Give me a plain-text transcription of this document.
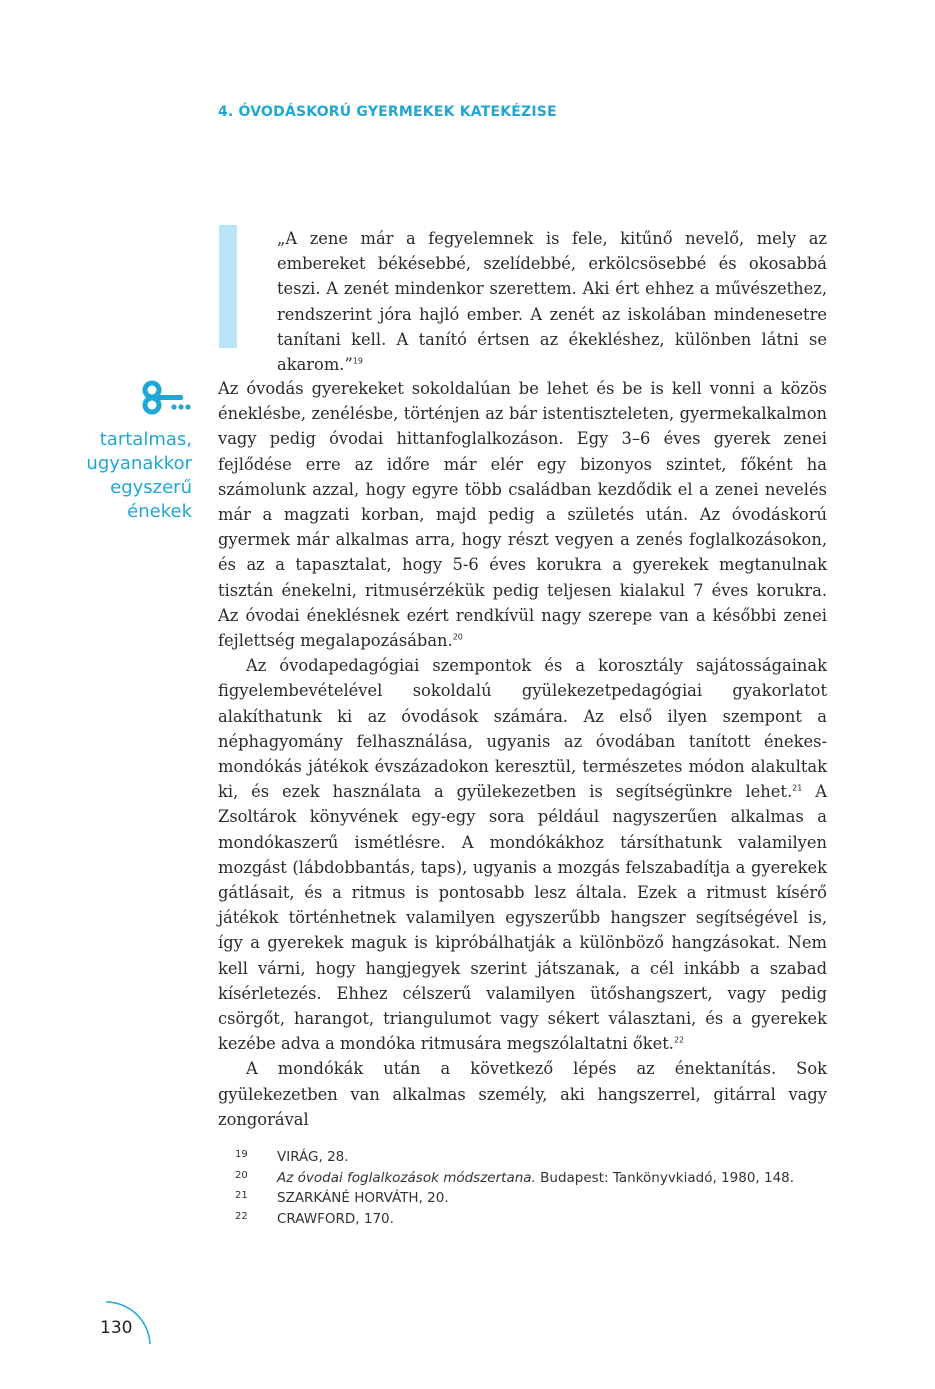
4. ÓVODÁSKORÚ GYERMEKEK KATEKÉZISE

„A zene már a fegyelemnek is fele, kitűnő nevelő, mely az embereket békésebbé, szelídebbé, erkölcsösebbé és okosabbá teszi. A zenét mindenkor szerettem. Aki ért ehhez a művészethez, rendszerint jóra hajló ember. A zenét az iskolában mindenesetre tanítani kell. A tanító értsen az ékekléshez, különben látni se akarom.”$^{19}$

tartalmas,
ugyanakkor
egyszerű
énekek

Az óvodás gyerekeket sokoldalúan be lehet és be is kell vonni a közös éneklésbe, zenélésbe, történjen az bár istentiszteleten, gyermekalkalmon vagy pedig óvodai hittanfoglalkozáson. Egy 3–6 éves gyerek zenei fejlődése erre az időre már elér egy bizonyos szintet, főként ha számolunk azzal, hogy egyre több családban kezdődik el a zenei nevelés már a magzati korban, majd pedig a születés után. Az óvodáskorú gyermek már alkalmas arra, hogy részt vegyen a zenés foglalkozásokon, és az a tapasztalat, hogy 5-6 éves korukra a gyerekek megtanulnak tisztán énekelni, ritmusérzékük pedig teljesen kialakul 7 éves korukra. Az óvodai éneklésnek ezért rendkívül nagy szerepe van a későbbi zenei fejlettség megalapozásában.$^{20}$

Az óvodapedagógiai szempontok és a korosztály sajátosságainak figyelembevételével sokoldalú gyülekezetpedagógiai gyakorlatot alakíthatunk ki az óvodások számára. Az első ilyen szempont a néphagyomány felhasználása, ugyanis az óvodában tanított énekes-mondókás játékok évszázadokon keresztül, természetes módon alakultak ki, és ezek használata a gyülekezetben is segítségünkre lehet.$^{21}$ A Zsoltárok könyvének egy-egy sora például nagyszerűen alkalmas a mondókaszerű ismétlésre. A mondókákhoz társíthatunk valamilyen mozgást (lábdobbantás, taps), ugyanis a mozgás felszabadítja a gyerekek gátlásait, és a ritmus is pontosabb lesz általa. Ezek a ritmust kísérő játékok történhetnek valamilyen egyszerűbb hangszer segítségével is, így a gyerekek maguk is kipróbálhatják a különböző hangzásokat. Nem kell várni, hogy hangjegyek szerint játszanak, a cél inkább a szabad kísérletezés. Ehhez célszerű valamilyen ütőshangszert, vagy pedig csörgőt, harangot, triangulumot vagy sékert választani, és a gyerekek kezébe adva a mondóka ritmusára megszólaltatni őket.$^{22}$

A mondókák után a következő lépés az énektanítás. Sok gyülekezetben van alkalmas személy, aki hangszerrel, gitárral vagy zongorával

19	VIRÁG, 28.
20	Az óvodai foglalkozások módszertana. Budapest: Tankönyvkiadó, 1980, 148.
21	SZARKÁNÉ HORVÁTH, 20.
22	CRAWFORD, 170.
130
